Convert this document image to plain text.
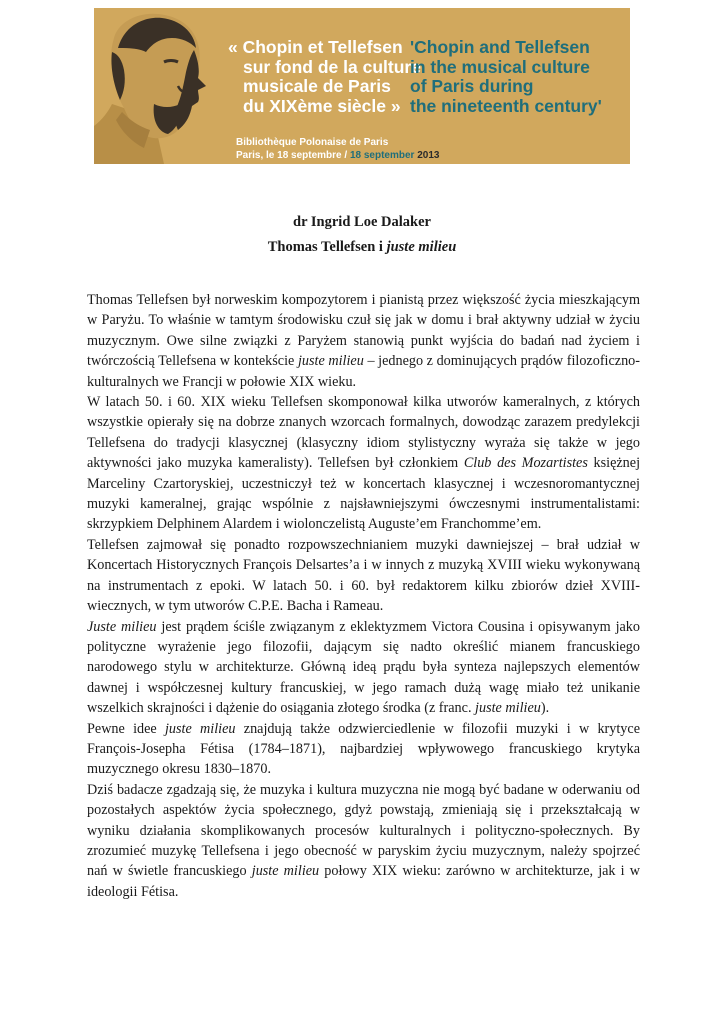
« Chopin et Tellefsen
sur fond de la culture
musicale de Paris
du XIXème siècle »
'Chopin and Tellefsen
in the musical culture
of Paris during
the nineteenth century'
Bibliothèque Polonaise de Paris
Paris, le 18 septembre / 18 september 2013
dr Ingrid Loe Dalaker
Thomas Tellefsen i juste milieu

Thomas Tellefsen był norweskim kompozytorem i pianistą przez większość życia mieszkającym w Paryżu. To właśnie w tamtym środowisku czuł się jak w domu i brał aktywny udział w życiu muzycznym. Owe silne związki z Paryżem stanowią punkt wyjścia do badań nad życiem i twórczością Tellefsena w kontekście juste milieu – jednego z dominujących prądów filozoficzno-kulturalnych we Francji w połowie XIX wieku.

W latach 50. i 60. XIX wieku Tellefsen skomponował kilka utworów kameralnych, z których wszystkie opierały się na dobrze znanych wzorcach formalnych, dowodząc zarazem predylekcji Tellefsena do tradycji klasycznej (klasyczny idiom stylistyczny wyraża się także w jego aktywności jako muzyka kameralisty). Tellefsen był członkiem Club des Mozartistes księżnej Marceliny Czartoryskiej, uczestniczył też w koncertach klasycznej i wczesnoromantycznej muzyki kameralnej, grając wspólnie z najsławniejszymi ówczesnymi instrumentalistami: skrzypkiem Delphinem Alardem i wiolonczelistą Auguste’em Franchomme’em.

Tellefsen zajmował się ponadto rozpowszechnianiem muzyki dawniejszej – brał udział w Koncertach Historycznych François Delsartes’a i w innych z muzyką XVIII wieku wykonywaną na instrumentach z epoki. W latach 50. i 60. był redaktorem kilku zbiorów dzieł XVIII-wiecznych, w tym utworów C.P.E. Bacha i Rameau.

Juste milieu jest prądem ściśle związanym z eklektyzmem Victora Cousina i opisywanym jako polityczne wyrażenie jego filozofii, dającym się nadto określić mianem francuskiego narodowego stylu w architekturze. Główną ideą prądu była synteza najlepszych elementów dawnej i współczesnej kultury francuskiej, w jego ramach dużą wagę miało też unikanie wszelkich skrajności i dążenie do osiągania złotego środka (z franc. juste milieu).

Pewne idee juste milieu znajdują także odzwierciedlenie w filozofii muzyki i w krytyce François-Josepha Fétisa (1784–1871), najbardziej wpływowego francuskiego krytyka muzycznego okresu 1830–1870.

Dziś badacze zgadzają się, że muzyka i kultura muzyczna nie mogą być badane w oderwaniu od pozostałych aspektów życia społecznego, gdyż powstają, zmieniają się i przekształcają w wyniku działania skomplikowanych procesów kulturalnych i polityczno-społecznych. By zrozumieć muzykę Tellefsena i jego obecność w paryskim życiu muzycznym, należy spojrzeć nań w świetle francuskiego juste milieu połowy XIX wieku: zarówno w architekturze, jak i w ideologii Fétisa.
